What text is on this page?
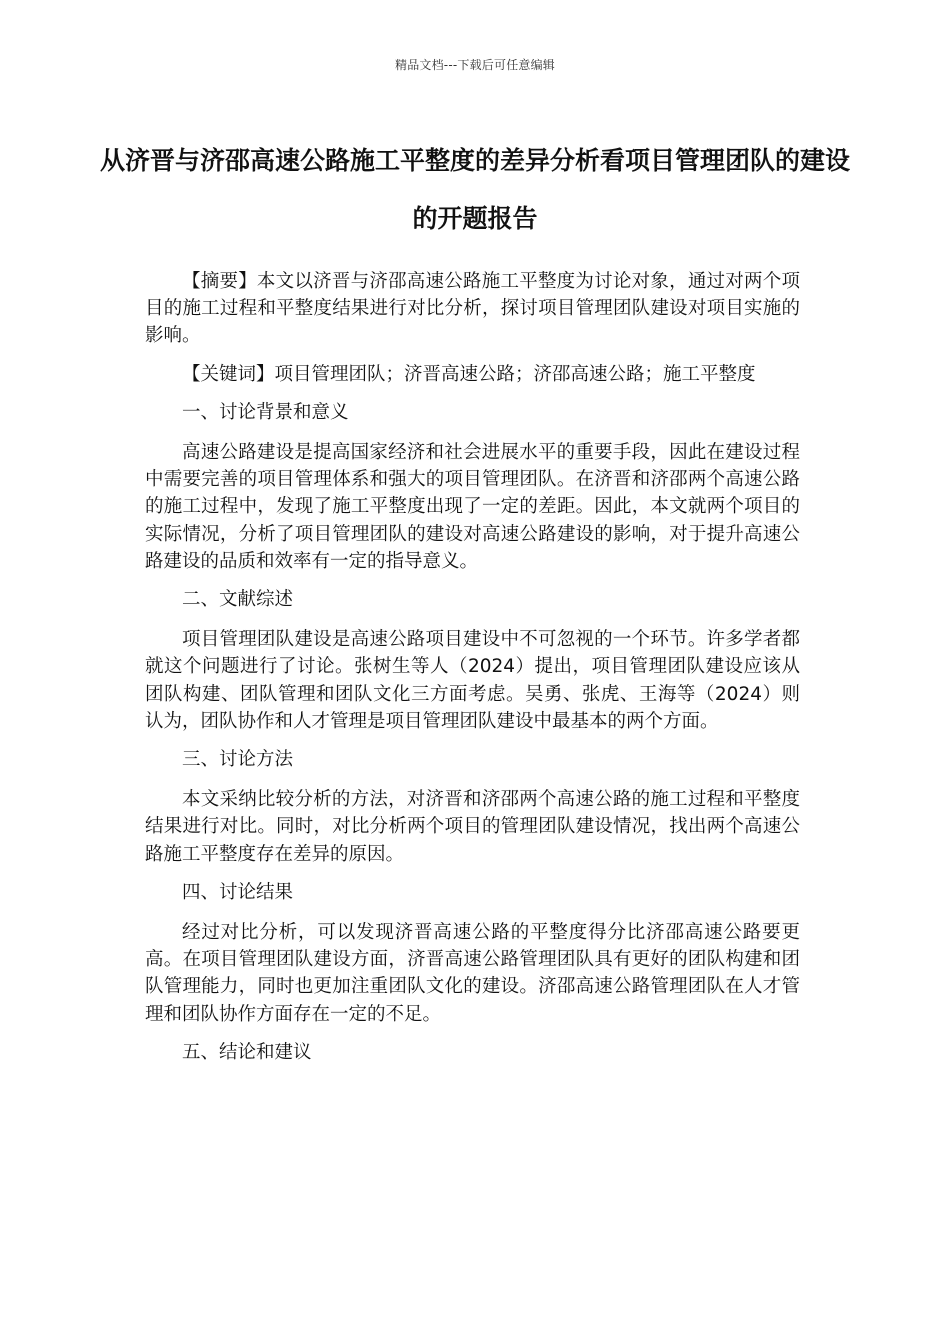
精品文档---下载后可任意编辑
从济晋与济邵高速公路施工平整度的差异分析看项目管理团队的建设的开题报告

【摘要】本文以济晋与济邵高速公路施工平整度为讨论对象，通过对两个项目的施工过程和平整度结果进行对比分析，探讨项目管理团队建设对项目实施的影响。

【关键词】项目管理团队；济晋高速公路；济邵高速公路；施工平整度

一、讨论背景和意义

高速公路建设是提高国家经济和社会进展水平的重要手段，因此在建设过程中需要完善的项目管理体系和强大的项目管理团队。在济晋和济邵两个高速公路的施工过程中，发现了施工平整度出现了一定的差距。因此，本文就两个项目的实际情况，分析了项目管理团队的建设对高速公路建设的影响，对于提升高速公路建设的品质和效率有一定的指导意义。

二、文献综述

项目管理团队建设是高速公路项目建设中不可忽视的一个环节。许多学者都就这个问题进行了讨论。张树生等人（2024）提出，项目管理团队建设应该从团队构建、团队管理和团队文化三方面考虑。吴勇、张虎、王海等（2024）则认为，团队协作和人才管理是项目管理团队建设中最基本的两个方面。

三、讨论方法

本文采纳比较分析的方法，对济晋和济邵两个高速公路的施工过程和平整度结果进行对比。同时，对比分析两个项目的管理团队建设情况，找出两个高速公路施工平整度存在差异的原因。

四、讨论结果

经过对比分析，可以发现济晋高速公路的平整度得分比济邵高速公路要更高。在项目管理团队建设方面，济晋高速公路管理团队具有更好的团队构建和团队管理能力，同时也更加注重团队文化的建设。济邵高速公路管理团队在人才管理和团队协作方面存在一定的不足。

五、结论和建议
